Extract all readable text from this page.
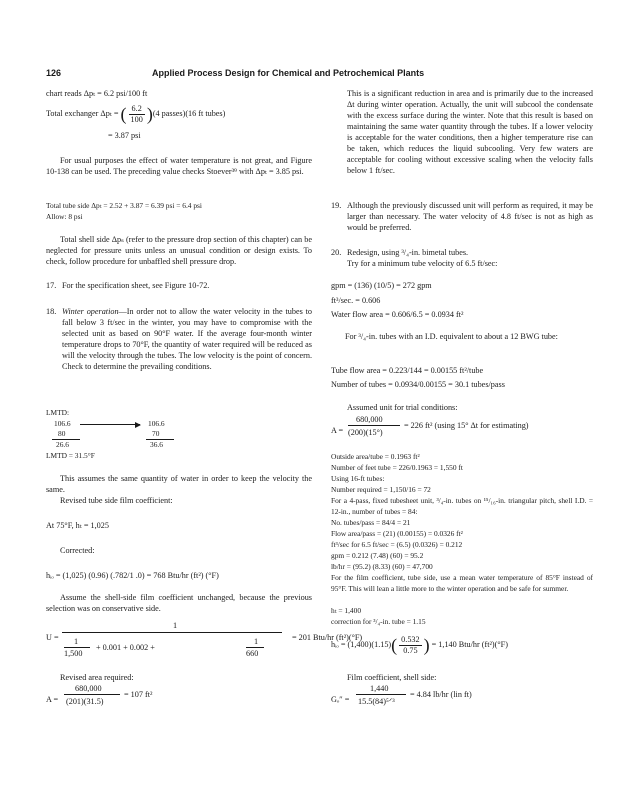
126	Applied Process Design for Chemical and Petrochemical Plants
chart reads Δpₜ = 6.2 psi/100 ft
Total exchanger Δpₜ = ( $\frac{6.2}{100} )(4$ passes)(16 ft tubes)
= 3.87 psi
For usual purposes the effect of water temperature is not great, and Figure 10-138 can be used. The preceding value checks Stoever³⁹ with Δpₜ = 3.85 psi.
Total tube side Δpₜ = 2.52 + 3.87 = 6.39 psi = 6.4 psi
Allow: 8 psi
Total shell side Δpₛ (refer to the pressure drop section of this chapter) can be neglected for pressure units unless an unusual condition or design exists. To check, follow procedure for unbaffled shell pressure drop.
17. For the specification sheet, see Figure 10-72.
18. Winter operation—In order not to allow the water velocity in the tubes to fall below 3 ft/sec in the winter, you may have to compromise with the selected unit as based on 90°F water. If the average four-month winter temperature drops to 70°F, the quantity of water required will be reduced as will the velocity through the tubes. The low velocity is the point of concern. Check to determine the prevailing conditions.
LMTD:
106.6	106.6
80	70
26.6	36.6
LMTD = 31.5°F
This assumes the same quantity of water in order to keep the velocity the same.
Revised tube side film coefficient:
At 75°F, hₜ = 1,025
Corrected:
hᵢₒ = (1,025) (0.96) (.782/1 .0) = 768 Btu/hr (ft²) (°F)
Assume the shell-side film coefficient unchanged, because the previous selection was on conservative side.
U =
1
= 201 Btu/hr (ft²)(°F)
1
1,500
+ 0.001 + 0.002 +
1
660
Revised area required:
A =
680,000
(201)(31.5)
= 107 ft²
This is a significant reduction in area and is primarily due to the increased Δt during winter operation. Actually, the unit will subcool the condensate with the excess surface during the winter. Note that this result is based on maintaining the same water quantity through the tubes. If a lower velocity is acceptable for the water conditions, then a higher temperature rise can be taken, which reduces the liquid subcooling. Very few waters are acceptable for cooling without excessive scaling when the velocity falls below 1 ft/sec.
19. Although the previously discussed unit will perform as required, it may be larger than necessary. The water velocity of 4.8 ft/sec is not as high as would be preferred.
20. Redesign, using ³/₄-in. bimetal tubes.
Try for a minimum tube velocity of 6.5 ft/sec:
gpm = (136) (10/5) = 272 gpm
ft³/sec. = 0.606
Water flow area = 0.606/6.5 = 0.0934 ft²
For ³/₄-in. tubes with an I.D. equivalent to about a 12 BWG tube:
Tube flow area = 0.223/144 = 0.00155 ft²/tube
Number of tubes = 0.0934/0.00155 = 30.1 tubes/pass
Assumed unit for trial conditions:
A =
680,000
(200)(15°)
= 226 ft² (using 15° Δt for estimating)
Outside area/tube = 0.1963 ft²
Number of feet tube = 226/0.1963 = 1,550 ft
Using 16-ft tubes:
Number required = 1,150/16 = 72
For a 4-pass, fixed tubesheet unit, ³/₄-in. tubes on ¹⁵/₁₆-in. triangular pitch, shell I.D. = 12-in., number of tubes = 84:
No. tubes/pass = 84/4 = 21
Flow area/pass = (21) (0.00155) = 0.0326 ft²
ft³/sec for 6.5 ft/sec = (6.5) (0.0326) = 0.212
gpm = 0.212 (7.48) (60) = 95.2
lb/hr = (95.2) (8.33) (60) = 47,700
For the film coefficient, tube side, use a mean water temperature of 85°F instead of 95°F. This will lean a little more to the winter operation and be safe for summer.
hₜ = 1,400
correction for ³/₄-in. tube = 1.15
hᵢₒ = $(1,400)(1.15)( \frac{0.532}{0.75}$ ) = 1,140 Btu/hr (ft²)(°F)
Film coefficient, shell side:
Gₒ″ =
1,440
15.5(84)⁵ᐟ³
= 4.84 lb/hr (lin ft)
